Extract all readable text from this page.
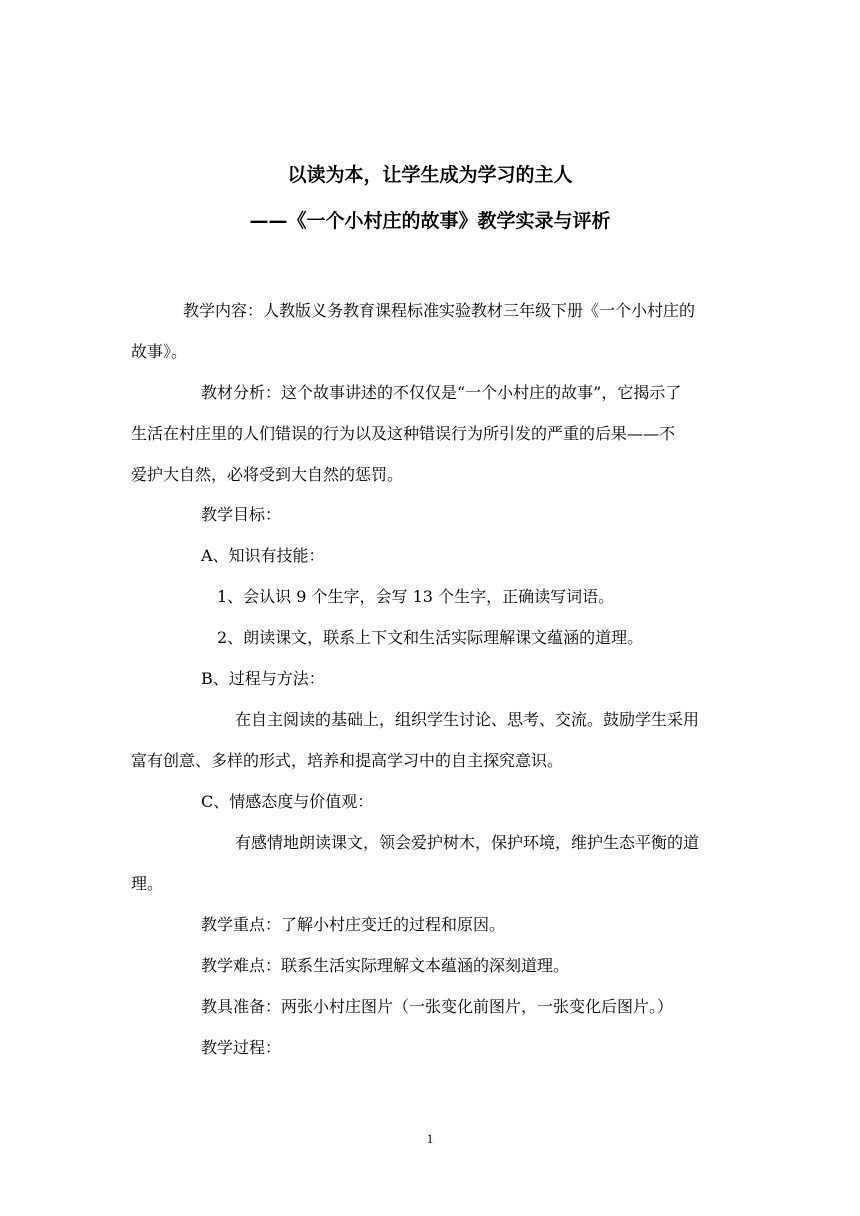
以读为本，让学生成为学习的主人
——《一个小村庄的故事》教学实录与评析
教学内容：人教版义务教育课程标准实验教材三年级下册《一个小村庄的
故事》。
教材分析：这个故事讲述的不仅仅是“一个小村庄的故事”，它揭示了
生活在村庄里的人们错误的行为以及这种错误行为所引发的严重的后果——不
爱护大自然，必将受到大自然的惩罚。
教学目标：
A、知识有技能：
1、会认识 9 个生字，会写 13 个生字，正确读写词语。
2、朗读课文，联系上下文和生活实际理解课文蕴涵的道理。
B、过程与方法：
在自主阅读的基础上，组织学生讨论、思考、交流。鼓励学生采用
富有创意、多样的形式，培养和提高学习中的自主探究意识。
C、情感态度与价值观：
有感情地朗读课文，领会爱护树木，保护环境，维护生态平衡的道
理。
教学重点：了解小村庄变迁的过程和原因。
教学难点：联系生活实际理解文本蕴涵的深刻道理。
教具准备：两张小村庄图片（一张变化前图片，一张变化后图片。）
教学过程：
1
